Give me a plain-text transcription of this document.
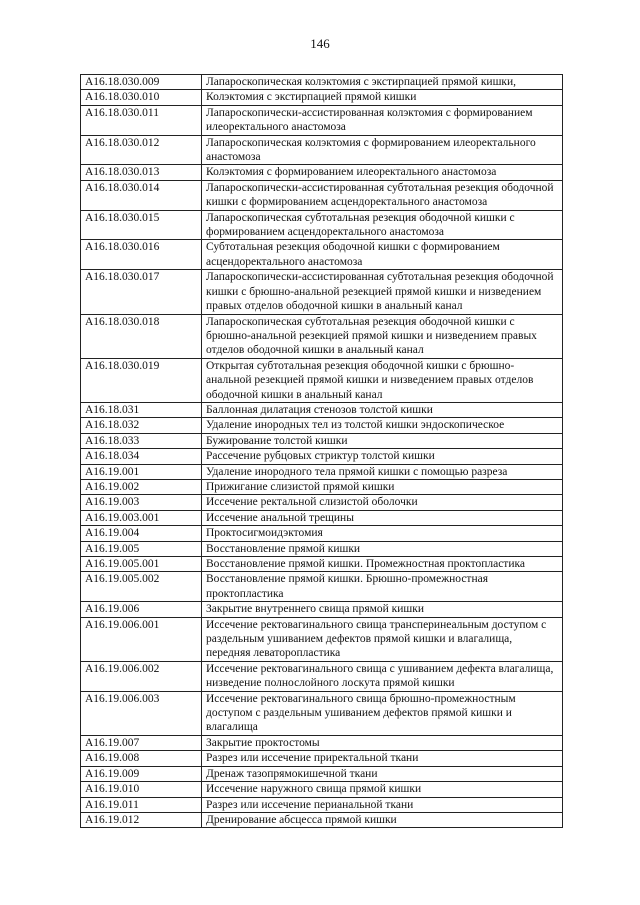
146
A16.18.030.009	Лапароскопическая колэктомия с экстирпацией прямой кишки,
A16.18.030.010	Колэктомия с экстирпацией прямой кишки
A16.18.030.011	Лапароскопически-ассистированная колэктомия с формированием илеоректального анастомоза
A16.18.030.012	Лапароскопическая колэктомия с формированием илеоректального анастомоза
A16.18.030.013	Колэктомия с формированием илеоректального анастомоза
A16.18.030.014	Лапароскопически-ассистированная субтотальная резекция ободочной кишки с формированием асцендоректального анастомоза
A16.18.030.015	Лапароскопическая субтотальная резекция ободочной кишки с формированием асцендоректального анастомоза
A16.18.030.016	Субтотальная резекция ободочной кишки с формированием асцендоректального анастомоза
A16.18.030.017	Лапароскопически-ассистированная субтотальная резекция ободочной кишки с брюшно-анальной резекцией прямой кишки и низведением правых отделов ободочной кишки в анальный канал
A16.18.030.018	Лапароскопическая субтотальная резекция ободочной кишки с брюшно-анальной резекцией прямой кишки и низведением правых отделов ободочной кишки в анальный канал
A16.18.030.019	Открытая субтотальная резекция ободочной кишки с брюшно-анальной резекцией прямой кишки и низведением правых отделов ободочной кишки в анальный канал
A16.18.031	Баллонная дилатация стенозов толстой кишки
A16.18.032	Удаление инородных тел из толстой кишки эндоскопическое
A16.18.033	Бужирование толстой кишки
A16.18.034	Рассечение рубцовых стриктур толстой кишки
A16.19.001	Удаление инородного тела прямой кишки с помощью разреза
A16.19.002	Прижигание слизистой прямой кишки
A16.19.003	Иссечение ректальной слизистой оболочки
A16.19.003.001	Иссечение анальной трещины
A16.19.004	Проктосигмоидэктомия
A16.19.005	Восстановление прямой кишки
A16.19.005.001	Восстановление прямой кишки. Промежностная проктопластика
A16.19.005.002	Восстановление прямой кишки. Брюшно-промежностная проктопластика
A16.19.006	Закрытие внутреннего свища прямой кишки
A16.19.006.001	Иссечение ректовагинального свища трансперинеальным доступом с раздельным ушиванием дефектов прямой кишки и влагалища, передняя леваторопластика
A16.19.006.002	Иссечение ректовагинального свища с ушиванием дефекта влагалища, низведение полнослойного лоскута прямой кишки
A16.19.006.003	Иссечение ректовагинального свища брюшно-промежностным доступом с раздельным ушиванием дефектов прямой кишки и влагалища
A16.19.007	Закрытие проктостомы
A16.19.008	Разрез или иссечение приректальной ткани
A16.19.009	Дренаж тазопрямокишечной ткани
A16.19.010	Иссечение наружного свища прямой кишки
A16.19.011	Разрез или иссечение перианальной ткани
A16.19.012	Дренирование абсцесса прямой кишки
